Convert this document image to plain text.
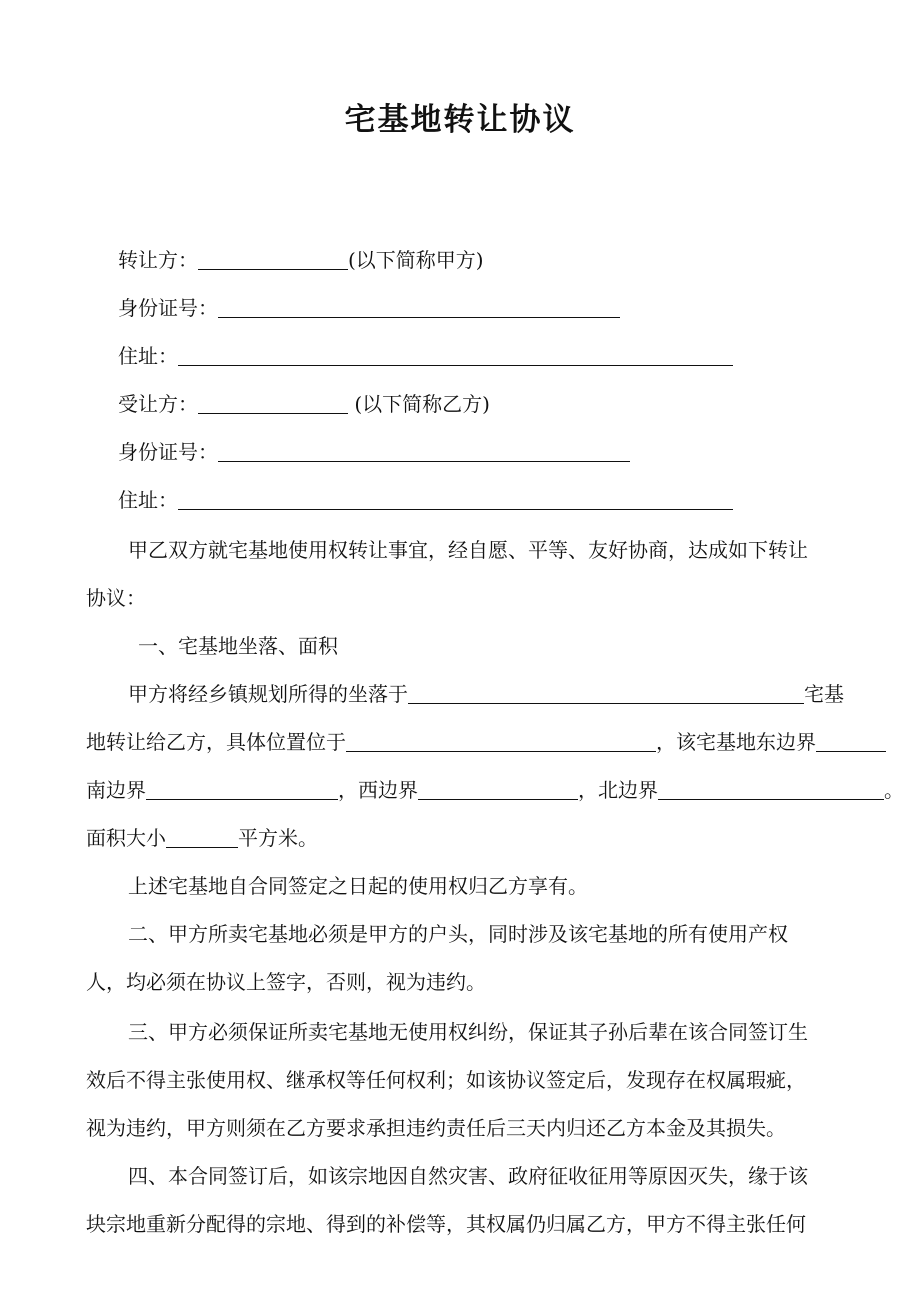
宅基地转让协议
转让方：	(以下简称甲方)
身份证号：
住址：
受让方：	(以下简称乙方)
身份证号：
住址：
甲乙双方就宅基地使用权转让事宜，经自愿、平等、友好协商，达成如下转让
协议：
一、宅基地坐落、面积
甲方将经乡镇规划所得的坐落于	宅基
地转让给乙方，具体位置位于	，该宅基地东边界
南边界	，西边界	，北边界	。
面积大小	平方米。
上述宅基地自合同签定之日起的使用权归乙方享有。
二、甲方所卖宅基地必须是甲方的户头，同时涉及该宅基地的所有使用产权
人，均必须在协议上签字，否则，视为违约。
三、甲方必须保证所卖宅基地无使用权纠纷，保证其子孙后辈在该合同签订生
效后不得主张使用权、继承权等任何权利；如该协议签定后，发现存在权属瑕疵，
视为违约，甲方则须在乙方要求承担违约责任后三天内归还乙方本金及其损失。
四、本合同签订后，如该宗地因自然灾害、政府征收征用等原因灭失，缘于该
块宗地重新分配得的宗地、得到的补偿等，其权属仍归属乙方，甲方不得主张任何
